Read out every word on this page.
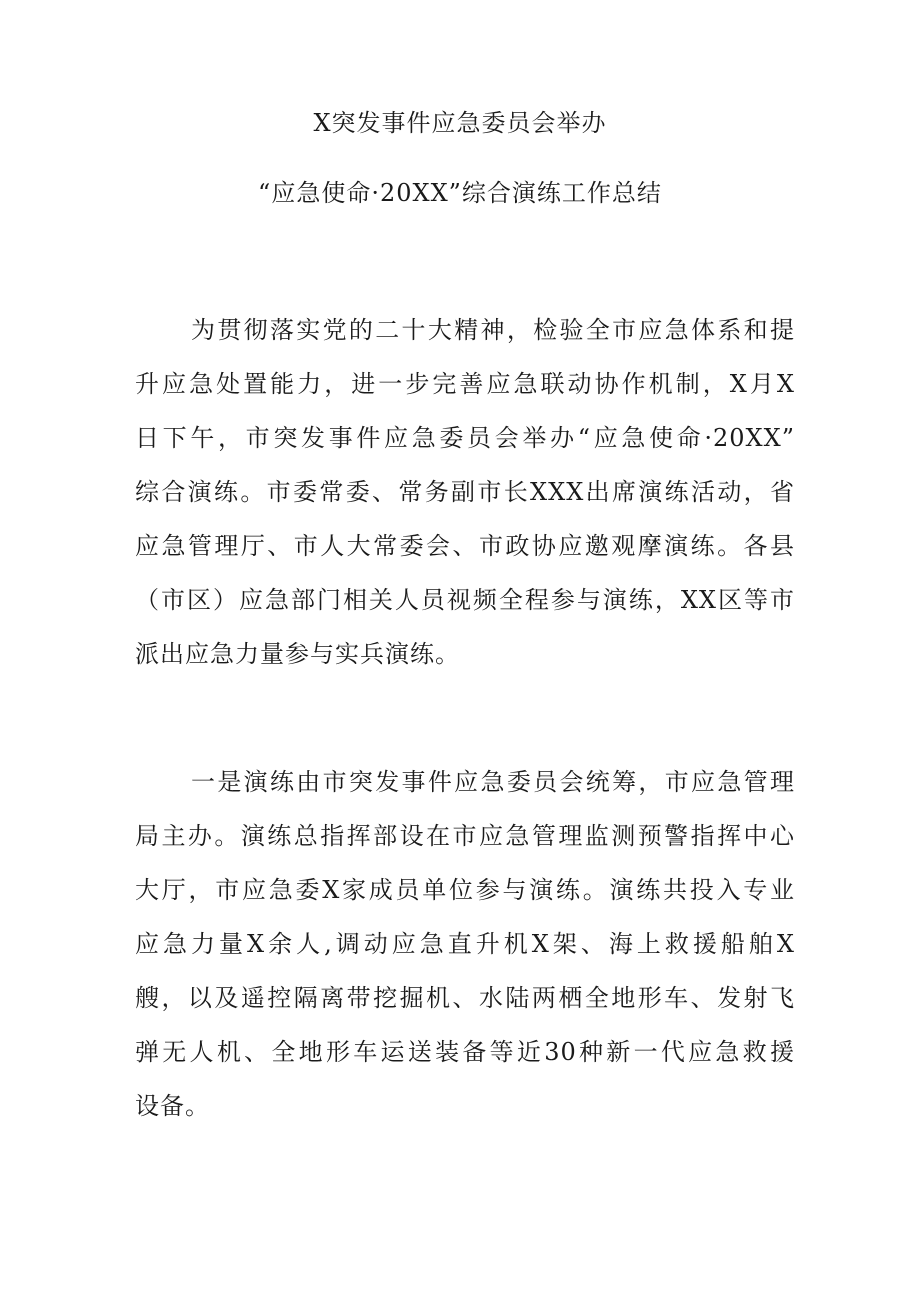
X突发事件应急委员会举办
“应急使命·20XX”综合演练工作总结
为贯彻落实党的二十大精神，检验全市应急体系和提
升应急处置能力，进一步完善应急联动协作机制，X月X
日下午，市突发事件应急委员会举办“应急使命·20XX”
综合演练。市委常委、常务副市长XXX出席演练活动，省
应急管理厅、市人大常委会、市政协应邀观摩演练。各县
（市区）应急部门相关人员视频全程参与演练，XX区等市
派出应急力量参与实兵演练。
一是演练由市突发事件应急委员会统筹，市应急管理
局主办。演练总指挥部设在市应急管理监测预警指挥中心
大厅，市应急委X家成员单位参与演练。演练共投入专业
应急力量X余人,调动应急直升机X架、海上救援船舶X
艘，以及遥控隔离带挖掘机、水陆两栖全地形车、发射飞
弹无人机、全地形车运送装备等近30种新一代应急救援
设备。
